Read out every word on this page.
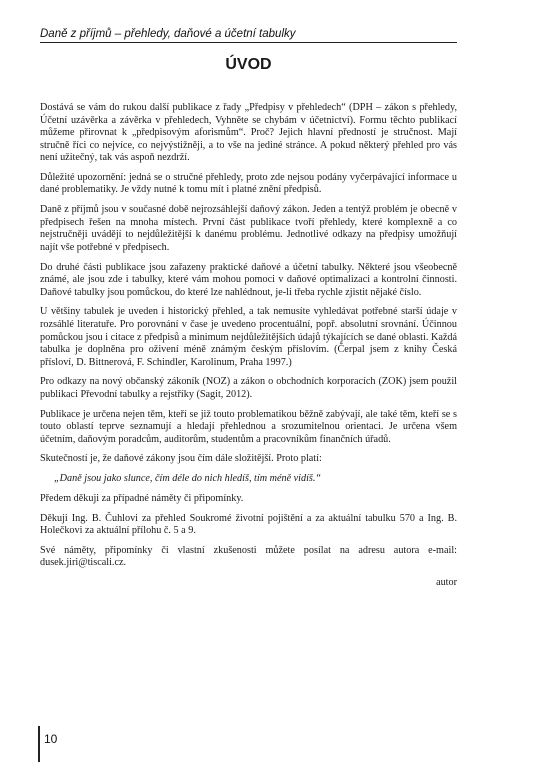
Daně z příjmů – přehledy, daňové a účetní tabulky
ÚVOD

Dostává se vám do rukou další publikace z řady „Předpisy v přehledech“ (DPH – zákon s přehledy, Účetní uzávěrka a závěrka v přehledech, Vyhněte se chybám v účetnictví). Formu těchto publikací můžeme přirovnat k „předpisovým aforismům“. Proč? Jejich hlavní předností je stručnost. Mají stručně říci co nejvíce, co nejvýstižněji, a to vše na jediné stránce. A pokud některý přehled pro vás není užitečný, tak vás aspoň nezdrží.

Důležité upozornění: jedná se o stručné přehledy, proto zde nejsou podány vyčerpávající informace u dané problematiky. Je vždy nutné k tomu mít i platné znění předpisů.

Daně z příjmů jsou v současné době nejrozsáhlejší daňový zákon. Jeden a tentýž problém je obecně v předpisech řešen na mnoha místech. První část publikace tvoří přehledy, které komplexně a co nejstručněji uvádějí to nejdůležitější k danému problému. Jednotlivé odkazy na předpisy umožňují najít vše potřebné v předpisech.

Do druhé části publikace jsou zařazeny praktické daňové a účetní tabulky. Některé jsou všeobecně známé, ale jsou zde i tabulky, které vám mohou pomoci v daňové optimalizaci a kontrolní činnosti. Daňové tabulky jsou pomůckou, do které lze nahlédnout, je-li třeba rychle zjistit nějaké číslo.

U většiny tabulek je uveden i historický přehled, a tak nemusíte vyhledávat potřebné starší údaje v rozsáhlé literatuře. Pro porovnání v čase je uvedeno procentuální, popř. absolutní srovnání. Účinnou pomůckou jsou i citace z předpisů a minimum nejdůležitějších údajů týkajících se dané oblasti. Každá tabulka je doplněna pro oživení méně známým českým příslovím. (Čerpal jsem z knihy Česká přísloví, D. Bittnerová, F. Schindler, Karolinum, Praha 1997.)

Pro odkazy na nový občanský zákoník (NOZ) a zákon o obchodních korporacích (ZOK) jsem použil publikaci Převodní tabulky a rejstříky (Sagit, 2012).

Publikace je určena nejen těm, kteří se již touto problematikou běžně zabývají, ale také těm, kteří se s touto oblastí teprve seznamují a hledají přehlednou a srozumitelnou orientaci. Je určena všem účetním, daňovým poradcům, auditorům, studentům a pracovníkům finančních úřadů.

Skutečností je, že daňové zákony jsou čím dále složitější. Proto platí:

„Daně jsou jako slunce, čím déle do nich hledíš, tím méně vidíš.“

Předem děkuji za případné náměty či připomínky.

Děkuji Ing. B. Čuhlovi za přehled Soukromé životní pojištění a za aktuální tabulku 570 a Ing. B. Holečkovi za aktuální přílohu č. 5 a 9.

Své náměty, připomínky či vlastní zkušenosti můžete posílat na adresu autora e-mail: dusek.jiri@tiscali.cz.

autor

10
